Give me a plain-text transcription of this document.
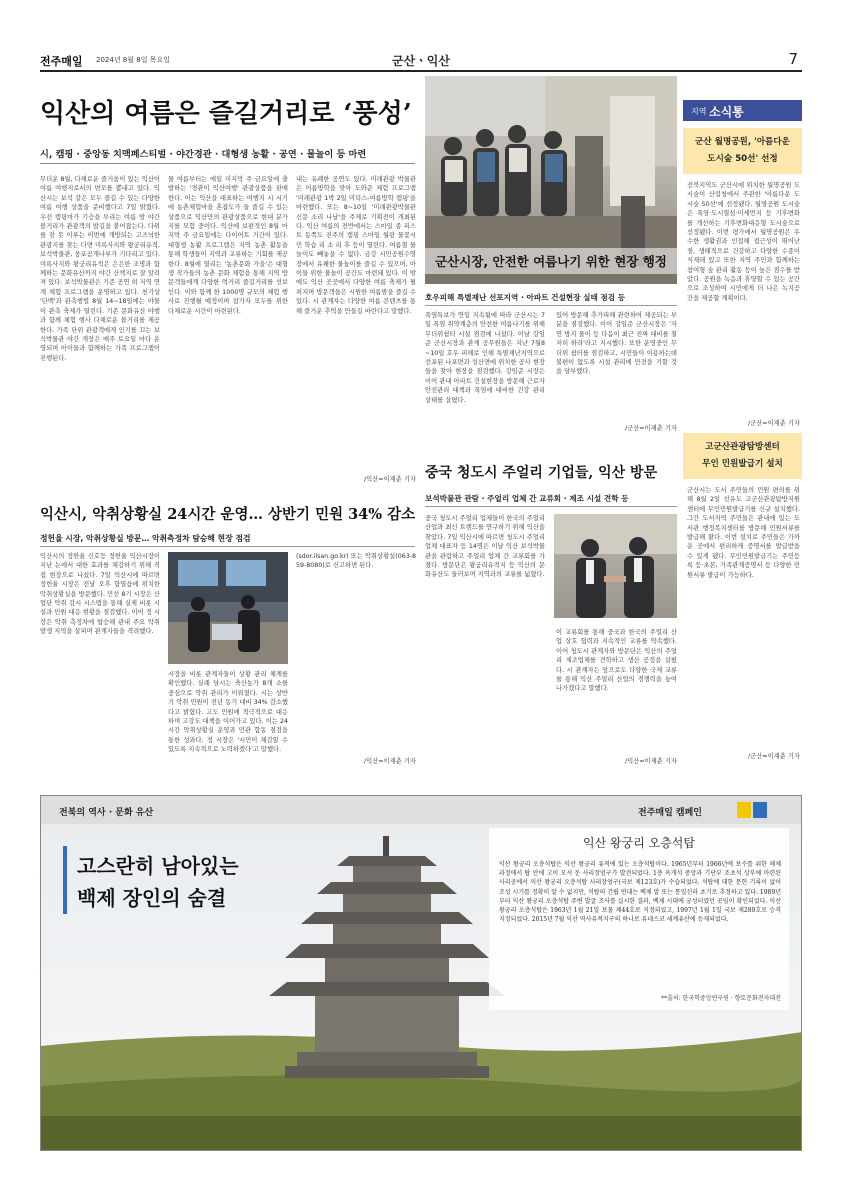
전주매일 2024년 8월 8일 목요일	군산ㆍ익산	7
익산의 여름은 즐길거리로 ‘풍성’
시, 캠핑 · 중앙동 치맥페스티벌 · 야간경관 · 대형생 농활 · 공연 · 물놀이 등 마련
무더운 8월, 다채로운 즐거움이 있는 익산이 여름 여행지로서의 면모를 뽐내고 있다. 익산시는 보석 같은 모두 즐길 수 있는 다양한 여름 여행 상품을 준비했다고 7일 밝혔다. 우선 캠핑마가 기승을 부리는 여름 밤 야간볼거리가 관광객의 발길을 붙어잡는다. 다위를 잠 못 이루는 이번에 개방되는 고즈넉한 관광지를 찾는 다면 미륵사지와 왕궁리유적, 보석박물관, 웅포곰개나루가 기다리고 있다. 미륵사지와 왕궁리유적은 은은한 조명과 함께하는 문화유산까지 야간 산책지로 잘 알려져 있다. 보석박물관은 기존 공연 외 지역 연계 체험 프로그램을 운영하고 있다. 천기상 '단백'과 관측행렬 8월 14~18일에는 야물이 관측 축제가 열린다. 기존 문화유산 야행과 함께 체험 행사 다채로운 볼거리를 제공한다. 가족 단위 관광객에게 인기를 끄는 보석박물관 야간 개장은 매주 토요일 마다 운영되며 아이들과 함께하는 가족 프로그램이 진행된다.
물 여름부터는 매일 미지막 주 금요일에 출발하는 '경관이 익산여행' 관광상품을 판매한다. 이는 익산을 대표하는 여행지 시 시기에 농촌체험마을 혼잡도가 들 즐길 수 있는 상품으로 익산만의 관광상품으로 현대 분가지를 모험 중이다. 익산에 보편적인 8월 마지막 주 금요일에는 다이어트 기간이 있다. 대형생 농활 프로그램은 지역 농촌 활동을 통해 학생들이 지역과 교류하는 기회를 제공한다. 8월에 열리는 '농촌문화 가을'은 대형생 작가들의 농촌 문화 체험을 통해 지역 방문객들에게 다양한 먹거리 즐길거리를 선보인다. 이와 함께 한 1000명 규모의 체험 행사로 진행될 예정이며 참가자 모두를 위한 다채로운 시간이 마련된다.
내는 유쾌한 공연도 있다. 미래관광 박물관은 어름방학을 맞아 도와준 체험 프로그램 '미래관광 1박 2일 미덕스-여름방학 캠핑'을 마련했다. 또는 8~10일 '미래관광박물관 신문 소리 나날'을 주제로 기획전이 개최된다. 익산 여름의 전반에서는 스마일 종 피스트 동쪽도 진주의 캠핑 스마일 월광 물꽃시민 학습 리 소 리 후 등이 열린다. 여름철 물놀이도 빼놓을 수 없다. 금강 시민공원수영장에서 유쾌한 물놀이를 즐길 수 있으며, 아이들 위한 물놀이 공간도 마련돼 있다. 이 밖에도 익산 곳곳에서 다양한 여름 축제가 펼쳐지며 방문객들은 시원한 여름밤을 즐길 수 있다. 시 관계자는 다양한 여름 콘텐츠를 통해 즐거운 추억을 만들길 바란다고 말했다.
/익산=이재춘 기자
군산시장, 안전한 여름나기 위한 현장 행정
호우피해 특별재난 선포지역 · 아파트 건설현장 실태 점검 등
폭염특보가 연일 지속됨에 따라 군산시는 7일 폭염 취약계층의 안전한 여름나기를 위해 무더위쉼터 시설 점검에 나섰다. 이날 강임준 군산시장과 관계 공무원들은 지난 7월8~10일 호우 피해로 인해 특별재난지역으로 선포된 나포면과 성산면에 위치한 공사 현장들을 찾아 현장을 점검했다. 강임준 시장은 이어 관내 아파트 건설현장을 방문해 근로자 안전관리 대책과 폭염에 대비한 건강 관리 상태를 살폈다.
있어 방문해 추가피해 관련하여 제공되는 부분을 점검했다. 이어 강임준 군산시장은 '자연 방지 물이 등 다음이 최근 진짜 대비를 철저히 하라'라고 지시했다. 또한 운영중인 무더위 쉼터를 점검하고, 시민들이 이용하는데 불편이 없도록 시설 관리에 만전을 기할 것을 당부했다.
/군산=이재춘 기자
지역 소식통
군산 월명공원, '아름다운
도시숲 50선' 선정
전북지역도 군산시에 위치한 월명공원 도시숲이 산림청에서 주관한 '아름다운 도시숲 50선'에 선정됐다. 월명공원 도시숲은 폭염·도시열섬·미세먼지 등 기후변화를 개선하는 기후변화대응형 도시숲으로 선정됐다. 이번 평가에서 월명공원은 우수한 생활권과 인접해 접근성이 뛰어난 점, 생태적으로 건강하고 다양한 수종이 식재돼 있고 또한 지역 주민과 함께하는 참여형 숲 관리 활동 등이 높은 점수를 받았다. 공원을 녹음과 휴양할 수 있는 공간으로 조성하여 시민에게 더 나은 녹지공간을 제공할 계획이다.
/군산=이재춘 기자
고군산관광탐방센터
무인 민원발급기 설치
군산시는 도서 주민들의 민원 편의를 위해 8월 2일 선유도 고군산관광탐방지원센터에 무인민원발급기를 신규 설치했다. 그간 도서지역 주민들은 관내에 있는 도서관 행정복지센터를 방문해 민원서류를 발급해 왔다. 이번 설치로 주민들은 가까운 곳에서 편리하게 증명서를 발급받을 수 있게 됐다. 무인민원발급기는 주민등록 등·초본, 가족관계증명서 등 다양한 민원서류 발급이 가능하다.
/군산=이재춘 기자
중국 청도시 주얼리 기업들, 익산 방문
보석박물관 관람 · 주얼리 업체 간 교류회 · 제조 시설 견학 등
중국 청도시 주얼리 업체들이 한국의 주얼리 산업과 최신 트렌드를 연구하기 위해 익산을 찾았다. 7일 익산시에 따르면 청도시 주얼리 업체 대표자 등 14명은 이날 익산 보석박물관을 관람하고 주얼리 업체 간 교류회를 가졌다. 방문단은 왕궁리유적지 등 익산의 문화유산도 둘러보며 지역과의 교류를 넓혔다.
이 교류회를 통해 중국과 한국의 주얼리 산업 상호 협력과 지속적인 교류를 약속했다. 이어 청도시 관계자와 방문단은 익산의 주얼리 제조업체를 견학하고 생산 공정을 살폈다. 시 관계자는 앞으로도 다양한 국제 교류를 통해 익산 주얼리 산업의 경쟁력을 높여 나가겠다고 말했다.
/익산=이재춘 기자
익산시, 악취상황실 24시간 운영… 상반기 민원 34% 감소
정헌율 시장, 악취상황실 방문… 악취측정차 탐승해 현장 점검
익산시의 정헌율 신호등 정헌율 익산시장이 지난 논에서 대한 효과를 체감하기 위해 직접 현장으로 나섰다. 7일 익산시에 따르면 정헌율 시장은 전날 오후 함열읍에 위치한 악취상황실을 방문했다. 민선 8기 시장은 산업단 악취 감시 시스템을 통해 실제 비롯 시설과 민원 대응 현황을 점검했다. 이어 정 시장은 악취 측정차에 탑승해 관내 주요 악취 발생 지역을 살피며 관계자들을 격려했다.
시장을 비롯 관계자들이 상황 관리 체계를 확인했다. 실례 당시는 축산농가 8개 소를 중심으로 악취 관리가 이뤄졌다. 시는 상반기 악취 민원이 전년 동기 대비 34% 감소했다고 밝혔다. 고도 민원에 적극적으로 대응하며 고강도 대책을 이어가고 있다. 이는 24시간 악취상황실 운영과 민관 합동 점검을 통한 성과다. 정 시장은 '시민이 체감할 수 있도록 지속적으로 노력하겠다'고 말했다.
(sdor.ilsan.go.kr) 또는 악취상황실(063-859-8080)로 신고하면 된다.
/익산=이재춘 기자
전북의 역사 · 문화 유산	전주매일 캠페인
고스란히 남아있는
백제 장인의 숨결
익산 왕궁리 오층석탑
익산 왕궁리 오층석탑은 익산 왕궁리 유적에 있는 오층석탑이다. 1965년부터 1966년에 보수를 위한 해체 과정에서 탑 안에 고이 모셔 둔 사리장엄구가 발견되었다. 1층 옥개석 중앙과 기단부 조초석 상부에 마련된 사리공에서 익산 왕궁리 오층석탑 사리장엄구(국보 제123호)가 수습되었다. 석탑에 대한 문헌 기록이 없어 조성 시기를 정확히 알 수 없지만, 석탑의 건립 연대는 백제 말 또는 통일신라 초기로 추정하고 있다. 1989년부터 익산 왕궁리 오층석탑 주변 발굴 조사를 실시한 결과, 백제 시대에 궁성터였던 곳임이 확인되었다. 익산 왕궁리 오층석탑은 1963년 1월 21일 보물 제44호로 지정되었고, 1997년 1월 1일 국보 제289호로 승격 지정되었다. 2015년 7월 익산 역사유적지구의 하나로 유네스코 세계유산에 등재되었다.
**출처: 한국학중앙연구원 · 향토문화전자대전
